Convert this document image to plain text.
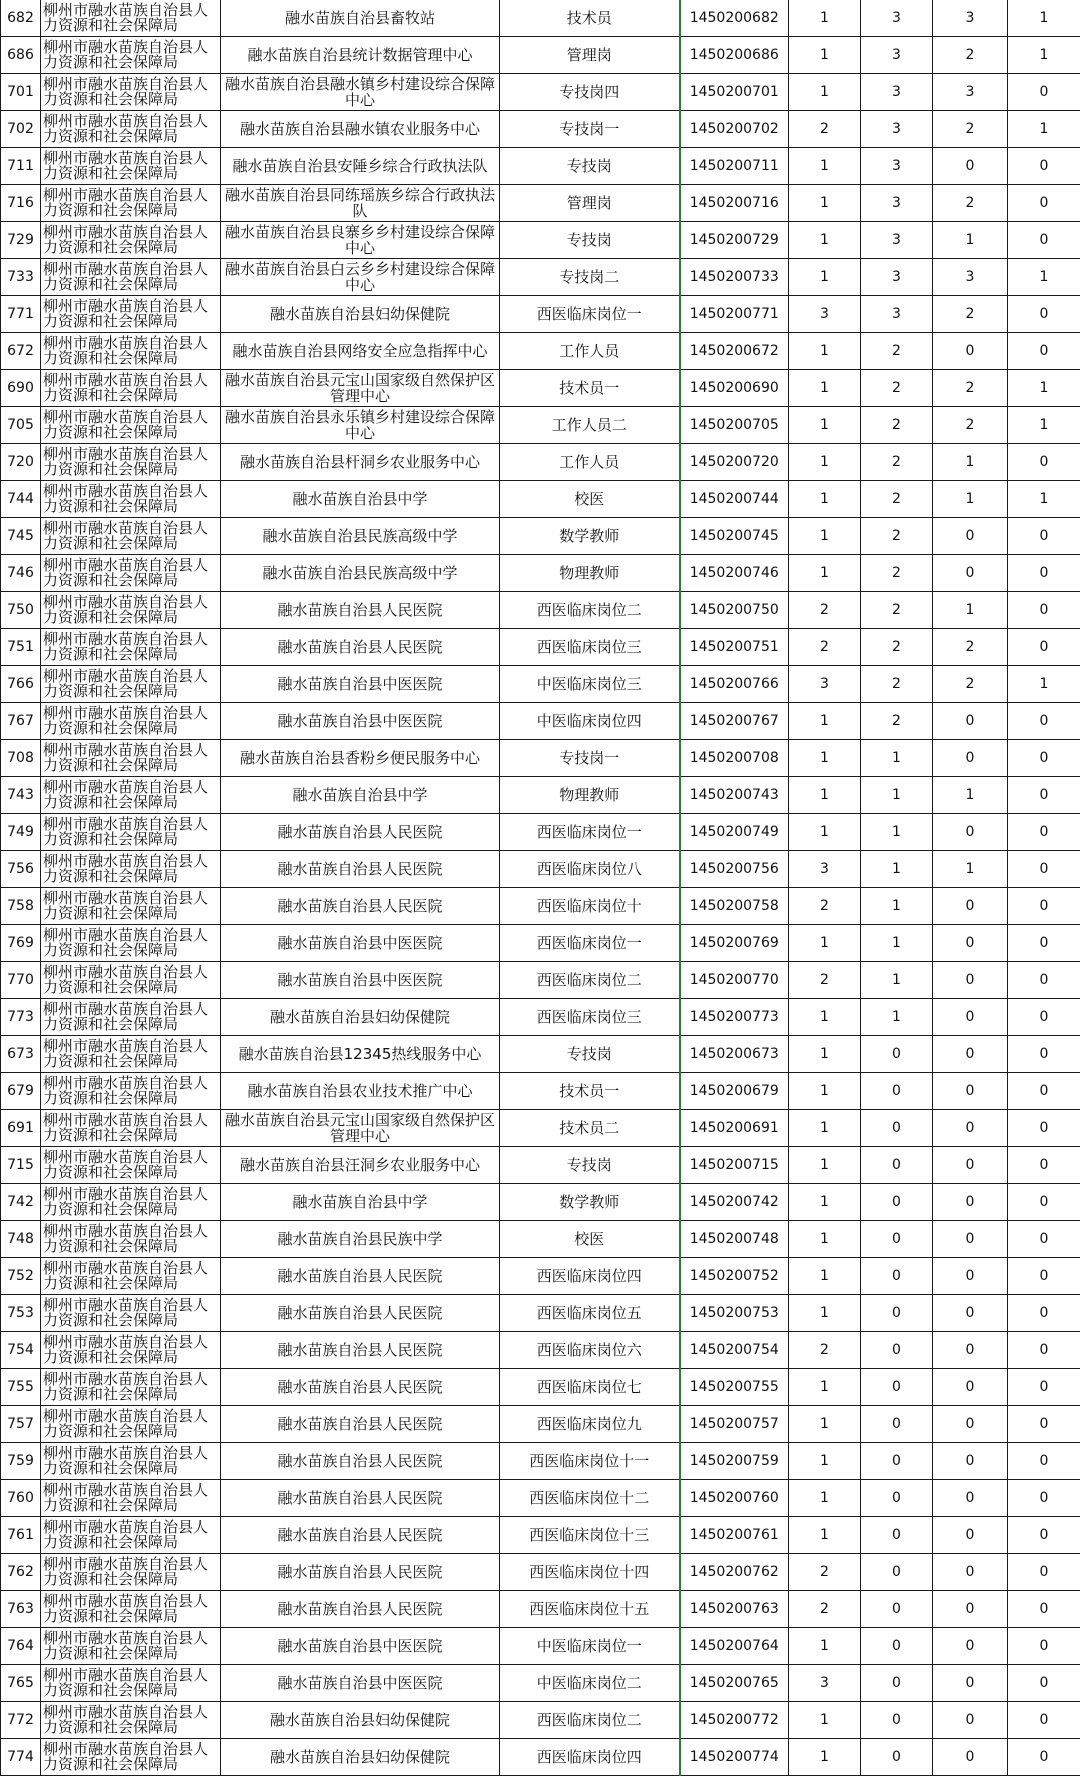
682	柳州市融水苗族自治县人力资源和社会保障局	融水苗族自治县畜牧站	技术员	1450200682	1	3	3	1
686	柳州市融水苗族自治县人力资源和社会保障局	融水苗族自治县统计数据管理中心	管理岗	1450200686	1	3	2	1
701	柳州市融水苗族自治县人力资源和社会保障局	融水苗族自治县融水镇乡村建设综合保障中心	专技岗四	1450200701	1	3	3	0
702	柳州市融水苗族自治县人力资源和社会保障局	融水苗族自治县融水镇农业服务中心	专技岗一	1450200702	2	3	2	1
711	柳州市融水苗族自治县人力资源和社会保障局	融水苗族自治县安陲乡综合行政执法队	专技岗	1450200711	1	3	0	0
716	柳州市融水苗族自治县人力资源和社会保障局	融水苗族自治县同练瑶族乡综合行政执法队	管理岗	1450200716	1	3	2	0
729	柳州市融水苗族自治县人力资源和社会保障局	融水苗族自治县良寨乡乡村建设综合保障中心	专技岗	1450200729	1	3	1	0
733	柳州市融水苗族自治县人力资源和社会保障局	融水苗族自治县白云乡乡村建设综合保障中心	专技岗二	1450200733	1	3	3	1
771	柳州市融水苗族自治县人力资源和社会保障局	融水苗族自治县妇幼保健院	西医临床岗位一	1450200771	3	3	2	0
672	柳州市融水苗族自治县人力资源和社会保障局	融水苗族自治县网络安全应急指挥中心	工作人员	1450200672	1	2	0	0
690	柳州市融水苗族自治县人力资源和社会保障局	融水苗族自治县元宝山国家级自然保护区管理中心	技术员一	1450200690	1	2	2	1
705	柳州市融水苗族自治县人力资源和社会保障局	融水苗族自治县永乐镇乡村建设综合保障中心	工作人员二	1450200705	1	2	2	1
720	柳州市融水苗族自治县人力资源和社会保障局	融水苗族自治县杆洞乡农业服务中心	工作人员	1450200720	1	2	1	0
744	柳州市融水苗族自治县人力资源和社会保障局	融水苗族自治县中学	校医	1450200744	1	2	1	1
745	柳州市融水苗族自治县人力资源和社会保障局	融水苗族自治县民族高级中学	数学教师	1450200745	1	2	0	0
746	柳州市融水苗族自治县人力资源和社会保障局	融水苗族自治县民族高级中学	物理教师	1450200746	1	2	0	0
750	柳州市融水苗族自治县人力资源和社会保障局	融水苗族自治县人民医院	西医临床岗位二	1450200750	2	2	1	0
751	柳州市融水苗族自治县人力资源和社会保障局	融水苗族自治县人民医院	西医临床岗位三	1450200751	2	2	2	0
766	柳州市融水苗族自治县人力资源和社会保障局	融水苗族自治县中医医院	中医临床岗位三	1450200766	3	2	2	1
767	柳州市融水苗族自治县人力资源和社会保障局	融水苗族自治县中医医院	中医临床岗位四	1450200767	1	2	0	0
708	柳州市融水苗族自治县人力资源和社会保障局	融水苗族自治县香粉乡便民服务中心	专技岗一	1450200708	1	1	0	0
743	柳州市融水苗族自治县人力资源和社会保障局	融水苗族自治县中学	物理教师	1450200743	1	1	1	0
749	柳州市融水苗族自治县人力资源和社会保障局	融水苗族自治县人民医院	西医临床岗位一	1450200749	1	1	0	0
756	柳州市融水苗族自治县人力资源和社会保障局	融水苗族自治县人民医院	西医临床岗位八	1450200756	3	1	1	0
758	柳州市融水苗族自治县人力资源和社会保障局	融水苗族自治县人民医院	西医临床岗位十	1450200758	2	1	0	0
769	柳州市融水苗族自治县人力资源和社会保障局	融水苗族自治县中医医院	西医临床岗位一	1450200769	1	1	0	0
770	柳州市融水苗族自治县人力资源和社会保障局	融水苗族自治县中医医院	西医临床岗位二	1450200770	2	1	0	0
773	柳州市融水苗族自治县人力资源和社会保障局	融水苗族自治县妇幼保健院	西医临床岗位三	1450200773	1	1	0	0
673	柳州市融水苗族自治县人力资源和社会保障局	融水苗族自治县12345热线服务中心	专技岗	1450200673	1	0	0	0
679	柳州市融水苗族自治县人力资源和社会保障局	融水苗族自治县农业技术推广中心	技术员一	1450200679	1	0	0	0
691	柳州市融水苗族自治县人力资源和社会保障局	融水苗族自治县元宝山国家级自然保护区管理中心	技术员二	1450200691	1	0	0	0
715	柳州市融水苗族自治县人力资源和社会保障局	融水苗族自治县汪洞乡农业服务中心	专技岗	1450200715	1	0	0	0
742	柳州市融水苗族自治县人力资源和社会保障局	融水苗族自治县中学	数学教师	1450200742	1	0	0	0
748	柳州市融水苗族自治县人力资源和社会保障局	融水苗族自治县民族中学	校医	1450200748	1	0	0	0
752	柳州市融水苗族自治县人力资源和社会保障局	融水苗族自治县人民医院	西医临床岗位四	1450200752	1	0	0	0
753	柳州市融水苗族自治县人力资源和社会保障局	融水苗族自治县人民医院	西医临床岗位五	1450200753	1	0	0	0
754	柳州市融水苗族自治县人力资源和社会保障局	融水苗族自治县人民医院	西医临床岗位六	1450200754	2	0	0	0
755	柳州市融水苗族自治县人力资源和社会保障局	融水苗族自治县人民医院	西医临床岗位七	1450200755	1	0	0	0
757	柳州市融水苗族自治县人力资源和社会保障局	融水苗族自治县人民医院	西医临床岗位九	1450200757	1	0	0	0
759	柳州市融水苗族自治县人力资源和社会保障局	融水苗族自治县人民医院	西医临床岗位十一	1450200759	1	0	0	0
760	柳州市融水苗族自治县人力资源和社会保障局	融水苗族自治县人民医院	西医临床岗位十二	1450200760	1	0	0	0
761	柳州市融水苗族自治县人力资源和社会保障局	融水苗族自治县人民医院	西医临床岗位十三	1450200761	1	0	0	0
762	柳州市融水苗族自治县人力资源和社会保障局	融水苗族自治县人民医院	西医临床岗位十四	1450200762	2	0	0	0
763	柳州市融水苗族自治县人力资源和社会保障局	融水苗族自治县人民医院	西医临床岗位十五	1450200763	2	0	0	0
764	柳州市融水苗族自治县人力资源和社会保障局	融水苗族自治县中医医院	中医临床岗位一	1450200764	1	0	0	0
765	柳州市融水苗族自治县人力资源和社会保障局	融水苗族自治县中医医院	中医临床岗位二	1450200765	3	0	0	0
772	柳州市融水苗族自治县人力资源和社会保障局	融水苗族自治县妇幼保健院	西医临床岗位二	1450200772	1	0	0	0
774	柳州市融水苗族自治县人力资源和社会保障局	融水苗族自治县妇幼保健院	西医临床岗位四	1450200774	1	0	0	0
